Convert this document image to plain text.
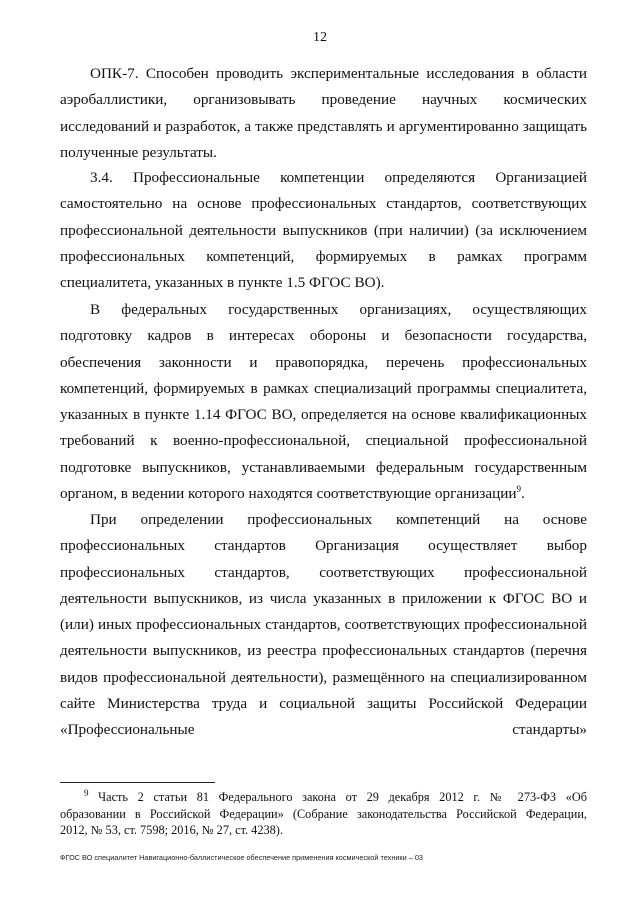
12
ОПК-7. Способен проводить экспериментальные исследования в области
аэробаллистики, организовывать проведение научных космических исследований и разработок, а также представлять и аргументированно защищать
полученные результаты.
3.4. Профессиональные компетенции определяются Организацией
самостоятельно на основе профессиональных стандартов, соответствующих профессиональной деятельности выпускников (при наличии) (за исключением профессиональных компетенций, формируемых в рамках программ
специалитета, указанных в пункте 1.5 ФГОС ВО).
В федеральных государственных организациях, осуществляющих
подготовку кадров в интересах обороны и безопасности государства, обеспечения законности и правопорядка, перечень профессиональных компетенций, формируемых в рамках специализаций программы специалитета, указанных в пункте 1.14 ФГОС ВО, определяется на основе квалификационных требований к военно-профессиональной, специальной профессиональной подготовке выпускников, устанавливаемыми федеральным государственным
органом, в ведении которого находятся соответствующие организации$^9$.
При определении профессиональных компетенций на основе
профессиональных стандартов Организация осуществляет выбор профессиональных стандартов, соответствующих профессиональной деятельности выпускников, из числа указанных в приложении к ФГОС ВО и (или) иных профессиональных стандартов, соответствующих профессиональной деятельности выпускников, из реестра профессиональных стандартов (перечня видов профессиональной деятельности), размещённого на специализированном сайте Министерства труда и социальной защиты Российской Федерации «Профессиональные стандарты»
$^9$ Часть 2 статьи 81 Федерального закона от 29 декабря 2012 г. № 273-ФЗ «Об
образовании в Российской Федерации» (Собрание законодательства Российской Федерации,
2012, № 53, ст. 7598; 2016, № 27, ст. 4238).
ФГОС ВО специалитет Навигационно-баллистическое обеспечение применения космической техники – 03
